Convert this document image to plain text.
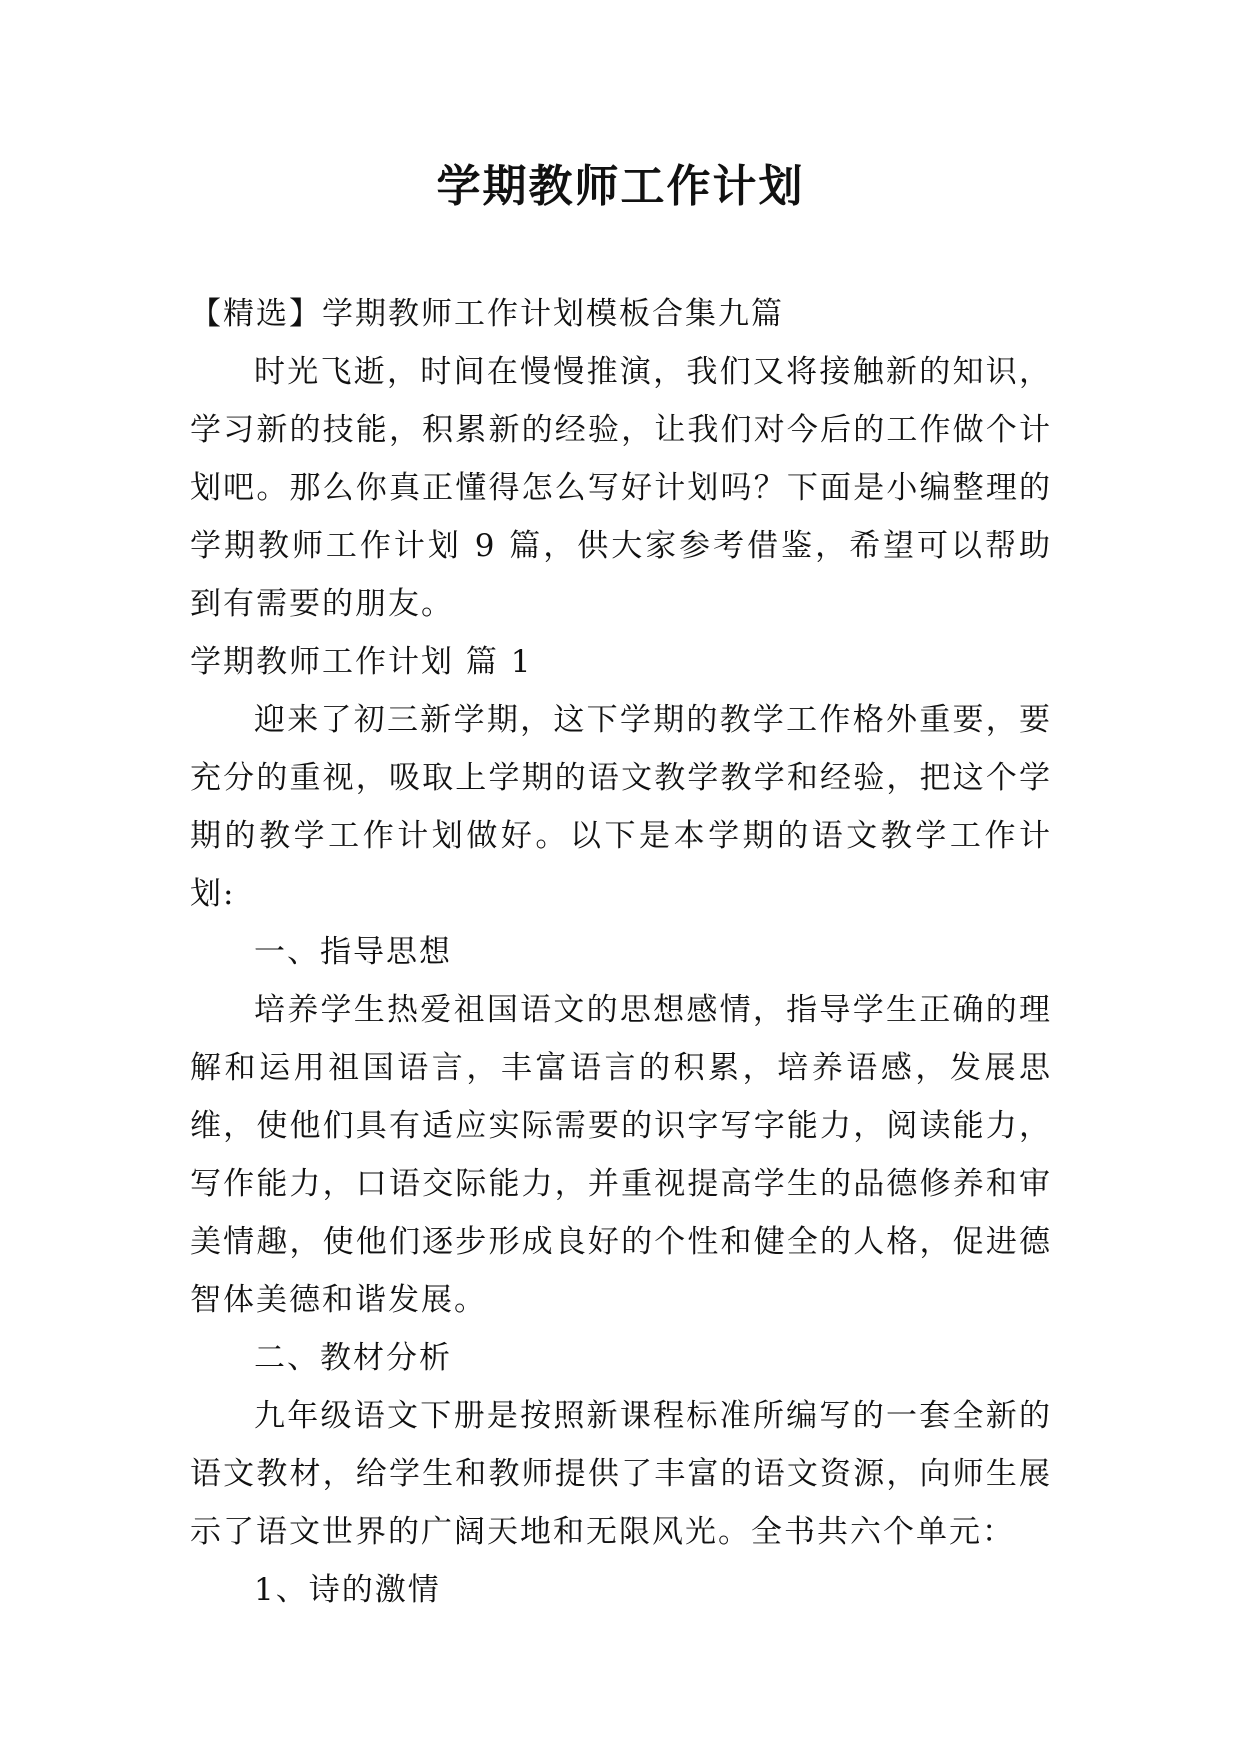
学期教师工作计划

【精选】学期教师工作计划模板合集九篇

时光飞逝，时间在慢慢推演，我们又将接触新的知识，学习新的技能，积累新的经验，让我们对今后的工作做个计划吧。那么你真正懂得怎么写好计划吗？下面是小编整理的学期教师工作计划 9 篇，供大家参考借鉴，希望可以帮助到有需要的朋友。

学期教师工作计划 篇 1

迎来了初三新学期，这下学期的教学工作格外重要，要充分的重视，吸取上学期的语文教学教学和经验，把这个学期的教学工作计划做好。以下是本学期的语文教学工作计划:

一、指导思想

培养学生热爱祖国语文的思想感情，指导学生正确的理解和运用祖国语言，丰富语言的积累，培养语感，发展思维，使他们具有适应实际需要的识字写字能力，阅读能力，写作能力，口语交际能力，并重视提高学生的品德修养和审美情趣，使他们逐步形成良好的个性和健全的人格，促进德智体美德和谐发展。

二、教材分析

九年级语文下册是按照新课程标准所编写的一套全新的语文教材，给学生和教师提供了丰富的语文资源，向师生展示了语文世界的广阔天地和无限风光。全书共六个单元：

1、诗的激情
